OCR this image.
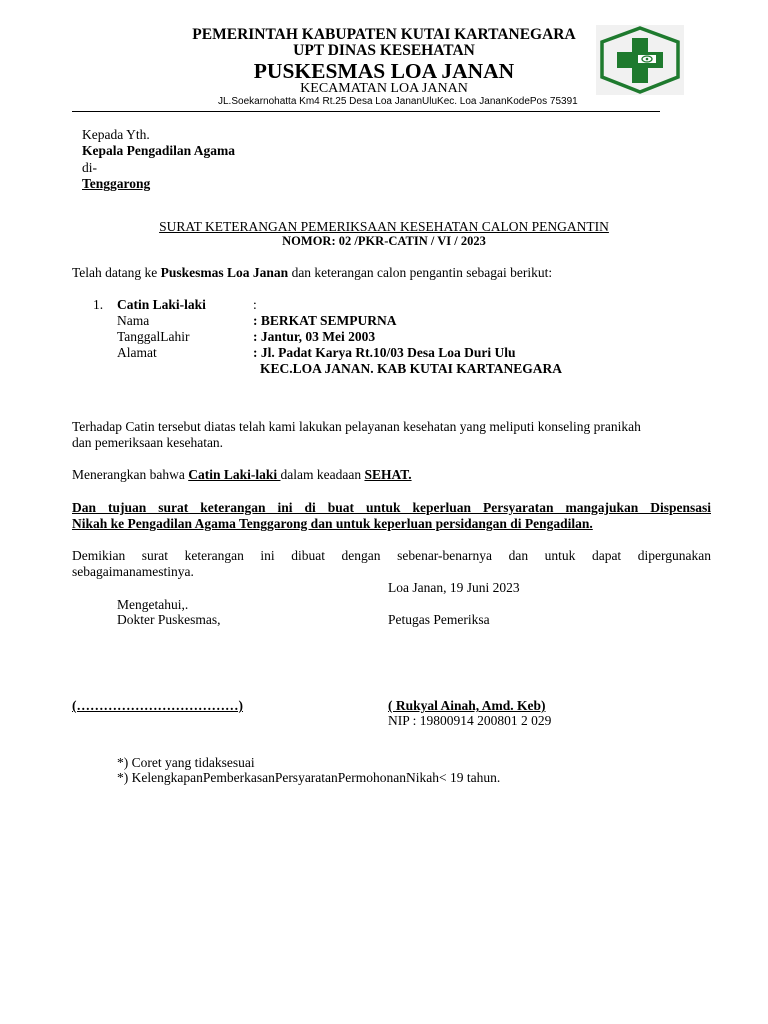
PEMERINTAH KABUPATEN KUTAI KARTANEGARA
UPT DINAS KESEHATAN
PUSKESMAS LOA JANAN
KECAMATAN LOA JANAN
JL.Soekarnohatta Km4 Rt.25 Desa Loa JananUluKec. Loa JananKodePos 75391
Kepada Yth.
Kepala Pengadilan Agama
di-
Tenggarong
SURAT KETERANGAN PEMERIKSAAN KESEHATAN CALON PENGANTIN
NOMOR: 02 /PKR-CATIN / VI / 2023
Telah datang ke Puskesmas Loa Janan dan keterangan calon pengantin sebagai berikut:
1. Catin Laki-laki	:
Nama	: BERKAT SEMPURNA
TanggalLahir	: Jantur, 03 Mei 2003
Alamat	: Jl. Padat Karya Rt.10/03 Desa Loa Duri Ulu
KEC.LOA JANAN. KAB KUTAI KARTANEGARA
Terhadap Catin tersebut diatas telah kami lakukan pelayanan kesehatan yang meliputi konseling pranikah
dan pemeriksaan kesehatan.
Menerangkan bahwa Catin Laki-laki dalam keadaan SEHAT.
Dan tujuan surat keterangan ini di buat untuk keperluan Persyaratan mangajukan Dispensasi
Nikah ke Pengadilan Agama Tenggarong dan untuk keperluan persidangan di Pengadilan.
Demikian surat keterangan ini dibuat dengan sebenar-benarnya dan untuk dapat dipergunakan
sebagaimanamestinya.
Loa Janan, 19 Juni 2023
Mengetahui,.
Dokter Puskesmas,	Petugas Pemeriksa
(………………………………)	( Rukyal Ainah, Amd. Keb)
NIP : 19800914 200801 2 029
*) Coret yang tidaksesuai
*) KelengkapanPemberkasanPersyaratanPermohonanNikah< 19 tahun.
